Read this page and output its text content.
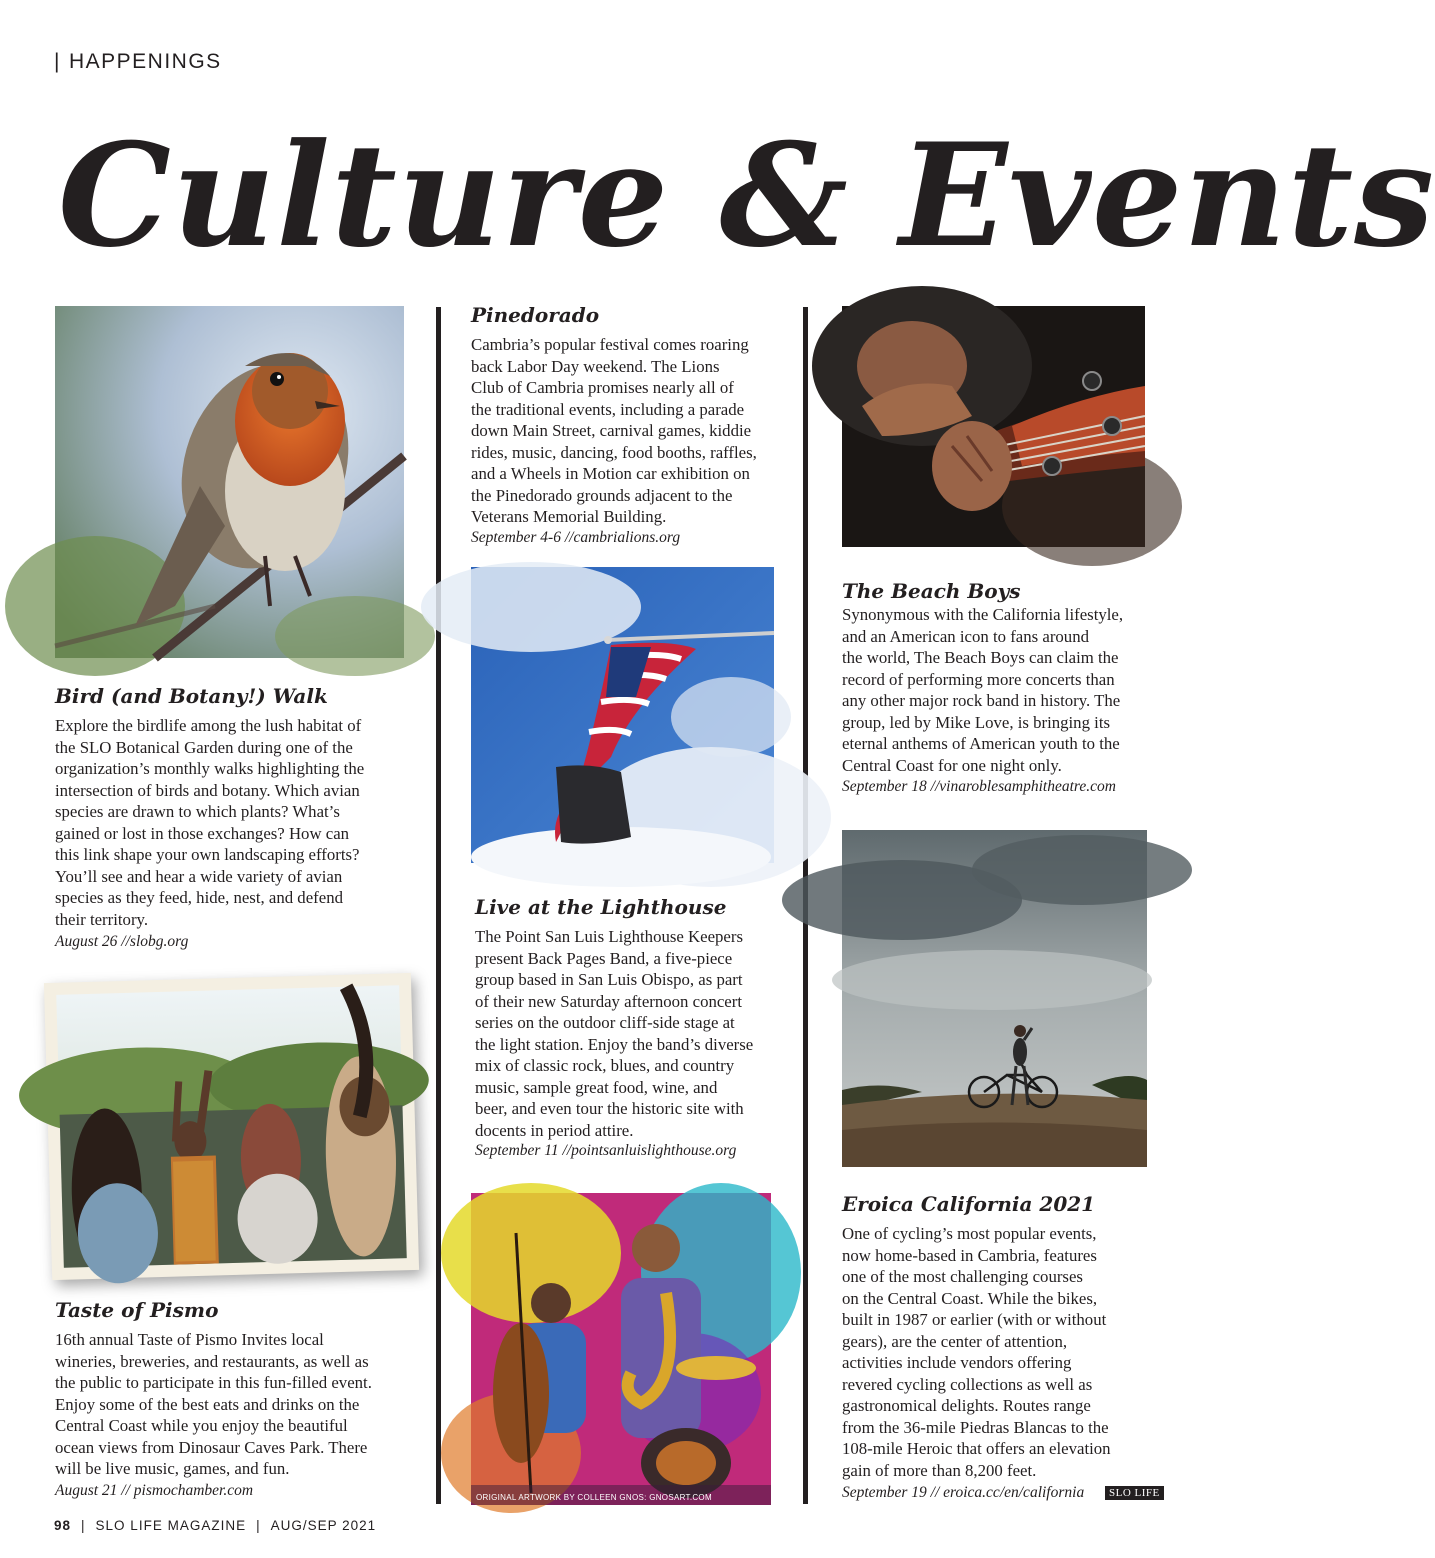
| HAPPENINGS
Culture & Events
Bird (and Botany!) Walk

Explore the birdlife among the lush habitat of
the SLO Botanical Garden during one of the
organization’s monthly walks highlighting the
intersection of birds and botany. Which avian
species are drawn to which plants? What’s
gained or lost in those exchanges? How can
this link shape your own landscaping efforts?
You’ll see and hear a wide variety of avian
species as they feed, hide, nest, and defend
their territory.

August 26 //slobg.org
Taste of Pismo

16th annual Taste of Pismo Invites local
wineries, breweries, and restaurants, as well as
the public to participate in this fun-filled event.
Enjoy some of the best eats and drinks on the
Central Coast while you enjoy the beautiful
ocean views from Dinosaur Caves Park. There
will be live music, games, and fun.

August 21 // pismochamber.com
Pinedorado

Cambria’s popular festival comes roaring
back Labor Day weekend. The Lions
Club of Cambria promises nearly all of
the traditional events, including a parade
down Main Street, carnival games, kiddie
rides, music, dancing, food booths, raffles,
and a Wheels in Motion car exhibition on
the Pinedorado grounds adjacent to the
Veterans Memorial Building.

September 4-6 //cambrialions.org
Live at the Lighthouse

The Point San Luis Lighthouse Keepers
present Back Pages Band, a five-piece
group based in San Luis Obispo, as part
of their new Saturday afternoon concert
series on the outdoor cliff-side stage at
the light station. Enjoy the band’s diverse
mix of classic rock, blues, and country
music, sample great food, wine, and
beer, and even tour the historic site with
docents in period attire.

September 11 //pointsanluislighthouse.org
ORIGINAL ARTWORK BY COLLEEN GNOS: GNOSART.COM
The Beach Boys

Synonymous with the California lifestyle,
and an American icon to fans around
the world, The Beach Boys can claim the
record of performing more concerts than
any other major rock band in history. The
group, led by Mike Love, is bringing its
eternal anthems of American youth to the
Central Coast for one night only.

September 18 //vinaroblesamphitheatre.com
Eroica California 2021

One of cycling’s most popular events,
now home-based in Cambria, features
one of the most challenging courses
on the Central Coast. While the bikes,
built in 1987 or earlier (with or without
gears), are the center of attention,
activities include vendors offering
revered cycling collections as well as
gastronomical delights. Routes range
from the 36-mile Piedras Blancas to the
108-mile Heroic that offers an elevation
gain of more than 8,200 feet.

September 19 // eroica.cc/en/california	SLO LIFE
98 | SLO LIFE MAGAZINE | AUG/SEP 2021
